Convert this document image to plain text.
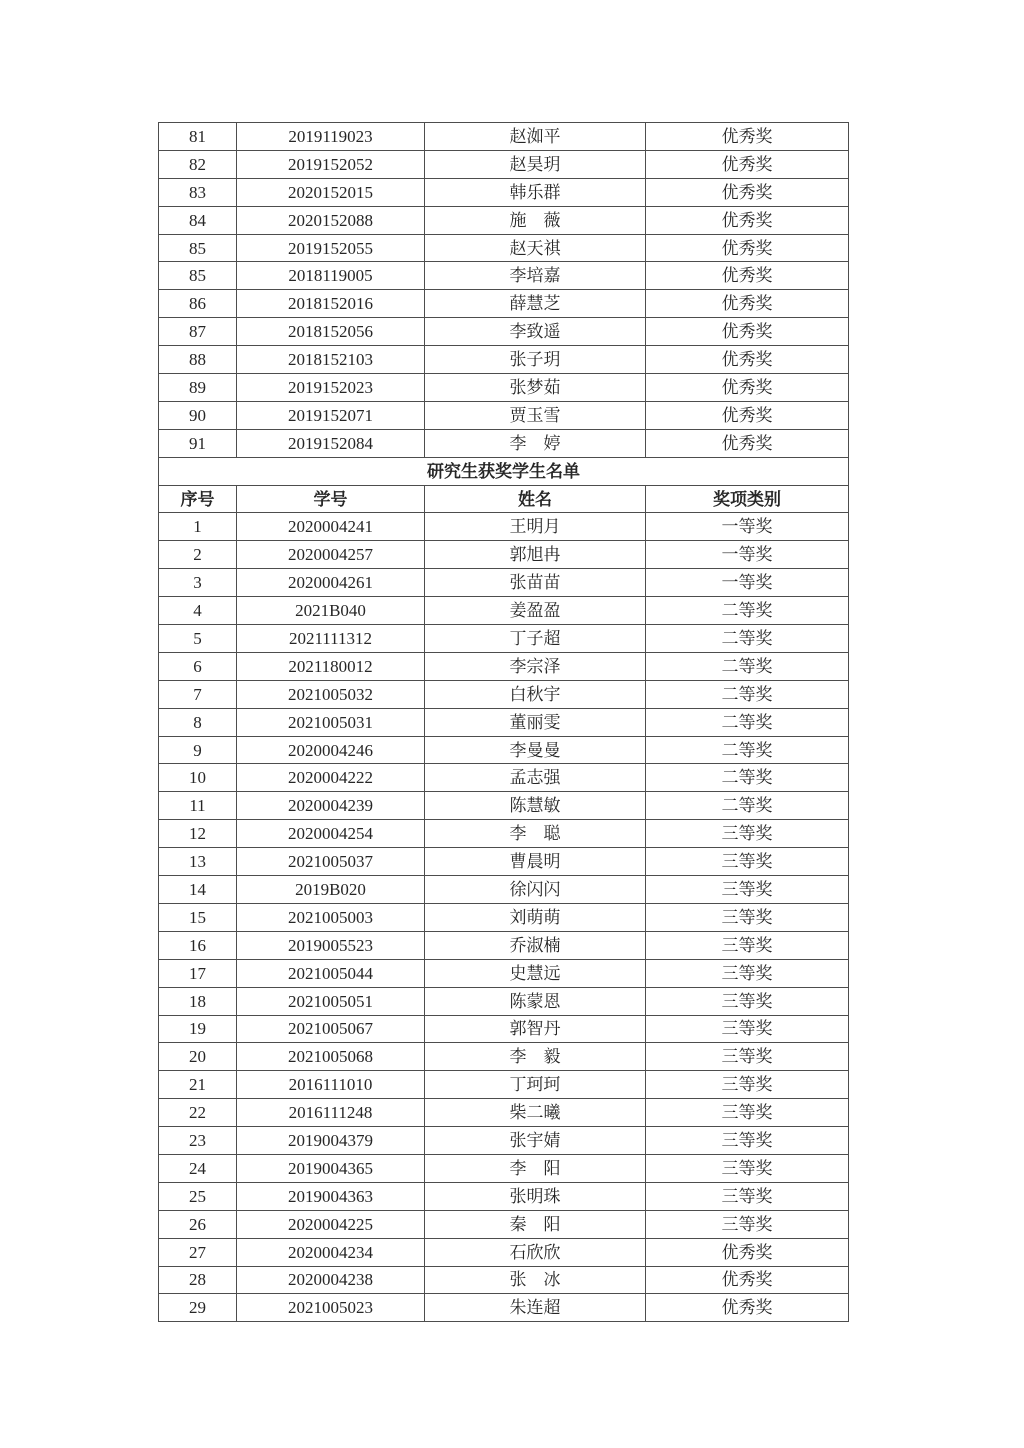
81	2019119023	赵洳平	优秀奖
82	2019152052	赵昊玥	优秀奖
83	2020152015	韩乐群	优秀奖
84	2020152088	施　薇	优秀奖
85	2019152055	赵天祺	优秀奖
85	2018119005	李培嘉	优秀奖
86	2018152016	薛慧芝	优秀奖
87	2018152056	李致遥	优秀奖
88	2018152103	张子玥	优秀奖
89	2019152023	张梦茹	优秀奖
90	2019152071	贾玉雪	优秀奖
91	2019152084	李　婷	优秀奖
研究生获奖学生名单			
序号	学号	姓名	奖项类别
1	2020004241	王明月	一等奖
2	2020004257	郭旭冉	一等奖
3	2020004261	张苗苗	一等奖
4	2021B040	姜盈盈	二等奖
5	2021111312	丁子超	二等奖
6	2021180012	李宗泽	二等奖
7	2021005032	白秋宇	二等奖
8	2021005031	董丽雯	二等奖
9	2020004246	李曼曼	二等奖
10	2020004222	孟志强	二等奖
11	2020004239	陈慧敏	二等奖
12	2020004254	李　聪	三等奖
13	2021005037	曹晨明	三等奖
14	2019B020	徐闪闪	三等奖
15	2021005003	刘萌萌	三等奖
16	2019005523	乔淑楠	三等奖
17	2021005044	史慧远	三等奖
18	2021005051	陈蒙恩	三等奖
19	2021005067	郭智丹	三等奖
20	2021005068	李　毅	三等奖
21	2016111010	丁珂珂	三等奖
22	2016111248	柴二曦	三等奖
23	2019004379	张宇婧	三等奖
24	2019004365	李　阳	三等奖
25	2019004363	张明珠	三等奖
26	2020004225	秦　阳	三等奖
27	2020004234	石欣欣	优秀奖
28	2020004238	张　冰	优秀奖
29	2021005023	朱连超	优秀奖
